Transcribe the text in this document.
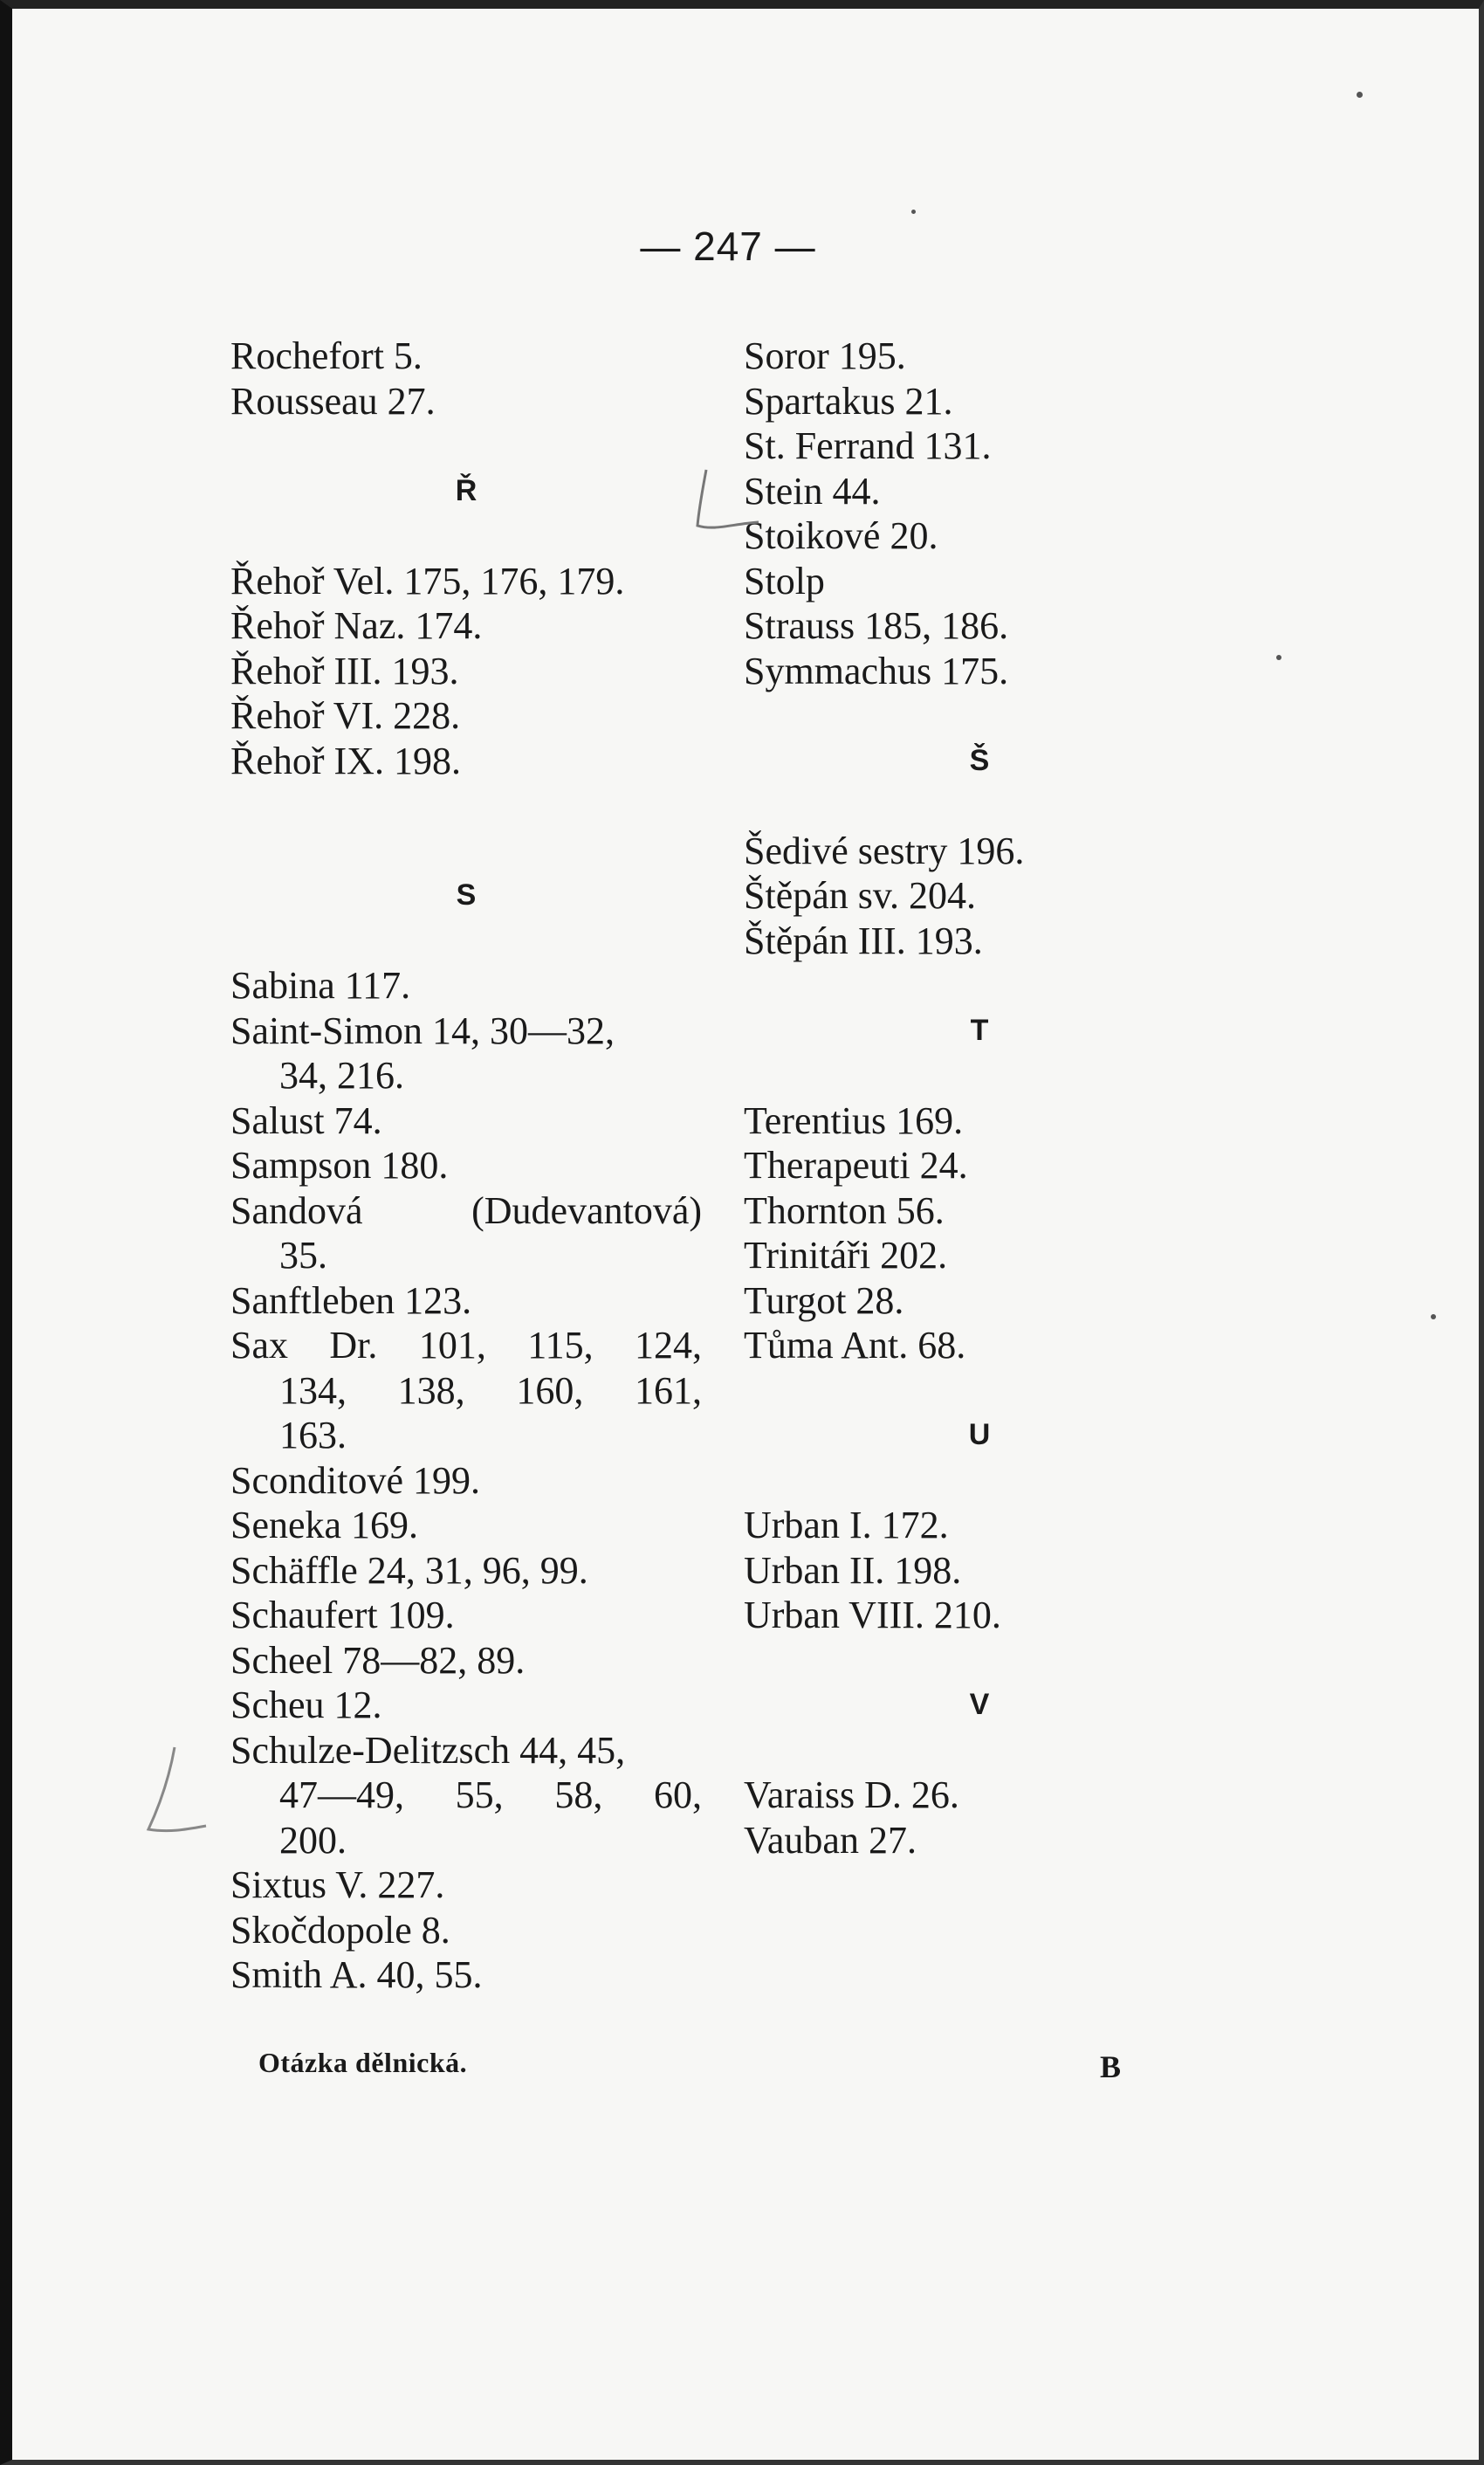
— 247 —
Rochefort 5.
Rousseau 27.
Ř
Řehoř Vel. 175, 176, 179.
Řehoř Naz. 174.
Řehoř III. 193.
Řehoř VI. 228.
Řehoř IX. 198.
S
Sabina 117.
Saint-Simon 14, 30—32,
34, 216.
Salust 74.
Sampson 180.
Sandová (Dudevantová)
35.
Sanftleben 123.
Sax Dr. 101, 115, 124,
134, 138, 160, 161,
163.
Sconditové 199.
Seneka 169.
Schäffle 24, 31, 96, 99.
Schaufert 109.
Scheel 78—82, 89.
Scheu 12.
Schulze-Delitzsch 44, 45,
47—49, 55, 58, 60,
200.
Sixtus V. 227.
Skočdopole 8.
Smith A. 40, 55.
Soror 195.
Spartakus 21.
St. Ferrand 131.
Stein 44.
Stoikové 20.
Stolp
Strauss 185, 186.
Symmachus 175.
Š
Šedivé sestry 196.
Štěpán sv. 204.
Štěpán III. 193.
T
Terentius 169.
Therapeuti 24.
Thornton 56.
Trinitáři 202.
Turgot 28.
Tůma Ant. 68.
U
Urban I. 172.
Urban II. 198.
Urban VIII. 210.
V
Varaiss D. 26.
Vauban 27.
Otázka dělnická.	B
